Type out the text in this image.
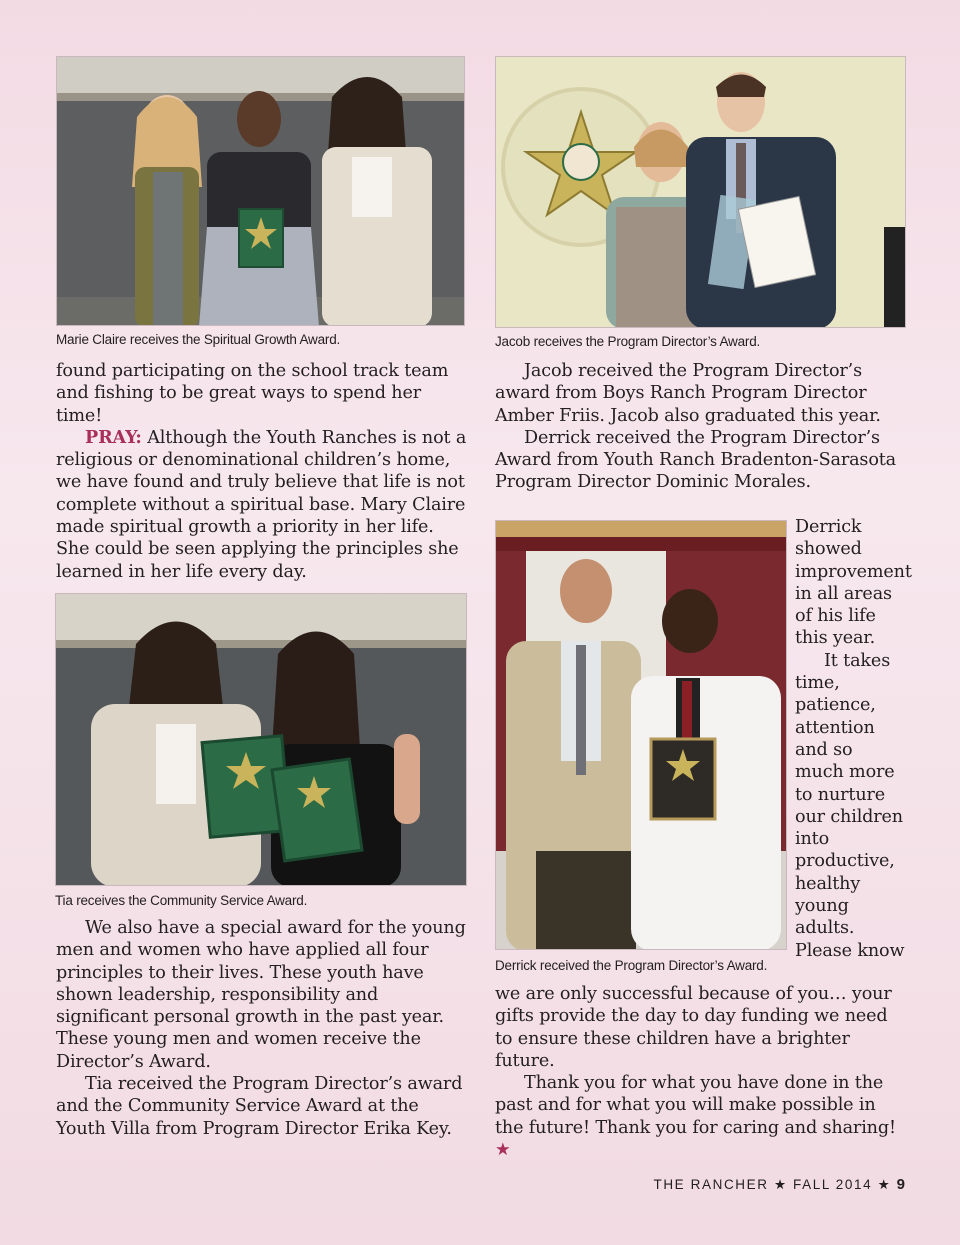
Marie Claire receives the Spiritual Growth Award.	Jacob receives the Program Director’s Award.

found participating on the school track team and fishing to be great ways to spend her time!

PRAY: Although the Youth Ranches is not a religious or denominational children’s home, we have found and truly believe that life is not complete without a spiritual base. Mary Claire made spiritual growth a priority in her life. She could be seen applying the principles she learned in her life every day.

Tia receives the Community Service Award.

We also have a special award for the young men and women who have applied all four principles to their lives. These youth have shown leadership, responsibility and significant personal growth in the past year. These young men and women receive the Director’s Award.

Tia received the Program Director’s award and the Community Service Award at the Youth Villa from Program Director Erika Key.

Jacob received the Program Director’s award from Boys Ranch Program Director Amber Friis. Jacob also graduated this year.

Derrick received the Program Director’s Award from Youth Ranch Bradenton-Sarasota Program Director Dominic Morales.

Derrick received the Program Director’s Award.

Derrick showed improvement in all areas of his life this year.

It takes time, patience, attention and so much more to nurture our children into productive, healthy young adults. Please know

we are only successful because of you… your gifts provide the day to day funding we need to ensure these children have a brighter future.

Thank you for what you have done in the past and for what you will make possible in the future! Thank you for caring and sharing! ★

THE RANCHER ★ FALL 2014 ★ 9
